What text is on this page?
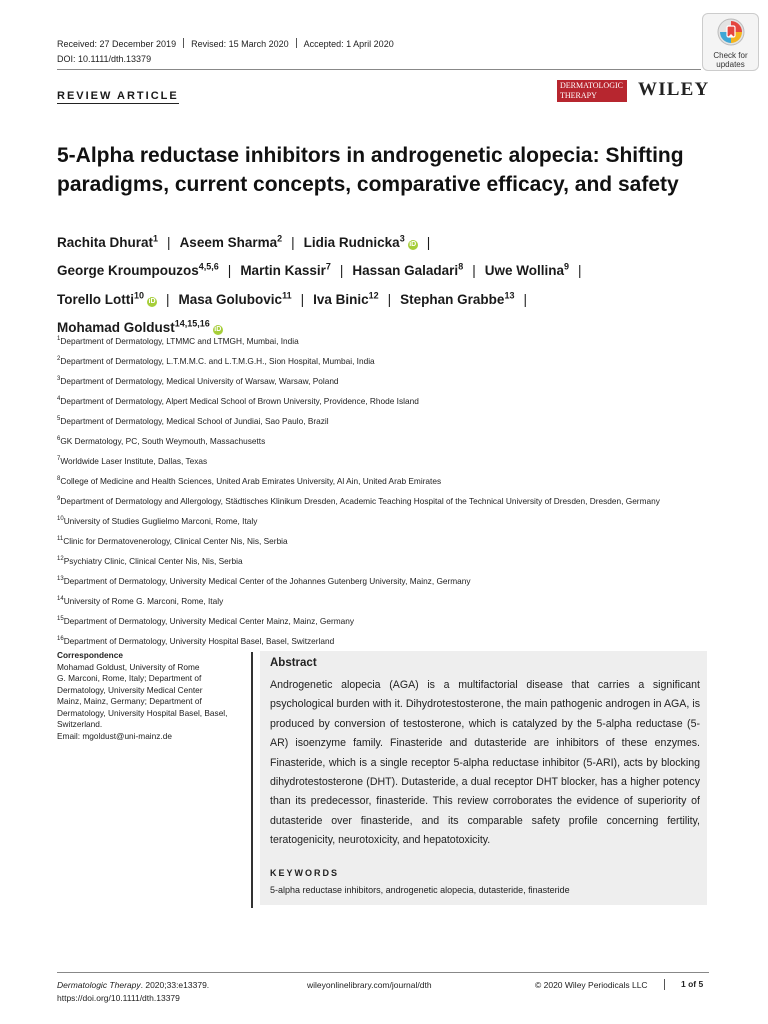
Received: 27 December 2019 Revised: 15 March 2020 Accepted: 1 April 2020
DOI: 10.1111/dth.13379
REVIEW ARTICLE
Check for
updates
DERMATOLOGIC
THERAPY	WILEY
5-Alpha reductase inhibitors in androgenetic alopecia: Shifting paradigms, current concepts, comparative efficacy, and safety
Rachita Dhurat$^1$ | Aseem Sharma$^2$ | Lidia Rudnicka$^3$iD |
George Kroumpouzos$^{4,5,6}$ | Martin Kassir$^7$ | Hassan Galadari$^8$ | Uwe Wollina$^9$ |
Torello Lotti$^{10}$iD | Masa Golubovic$^{11}$ | Iva Binic$^{12}$ | Stephan Grabbe$^{13}$ |
Mohamad Goldust$^{14,15,16}$iD
$^1$Department of Dermatology, LTMMC and LTMGH, Mumbai, India
$^2$Department of Dermatology, L.T.M.M.C. and L.T.M.G.H., Sion Hospital, Mumbai, India
$^3$Department of Dermatology, Medical University of Warsaw, Warsaw, Poland
$^4$Department of Dermatology, Alpert Medical School of Brown University, Providence, Rhode Island
$^5$Department of Dermatology, Medical School of Jundiai, Sao Paulo, Brazil
$^6$GK Dermatology, PC, South Weymouth, Massachusetts
$^7$Worldwide Laser Institute, Dallas, Texas
$^8$College of Medicine and Health Sciences, United Arab Emirates University, Al Ain, United Arab Emirates
$^9$Department of Dermatology and Allergology, Städtisches Klinikum Dresden, Academic Teaching Hospital of the Technical University of Dresden, Dresden, Germany
$^{10}$University of Studies Guglielmo Marconi, Rome, Italy
$^{11}$Clinic for Dermatovenerology, Clinical Center Nis, Nis, Serbia
$^{12}$Psychiatry Clinic, Clinical Center Nis, Nis, Serbia
$^{13}$Department of Dermatology, University Medical Center of the Johannes Gutenberg University, Mainz, Germany
$^{14}$University of Rome G. Marconi, Rome, Italy
$^{15}$Department of Dermatology, University Medical Center Mainz, Mainz, Germany
$^{16}$Department of Dermatology, University Hospital Basel, Basel, Switzerland
Correspondence
Mohamad Goldust, University of Rome
G. Marconi, Rome, Italy; Department of
Dermatology, University Medical Center
Mainz, Mainz, Germany; Department of
Dermatology, University Hospital Basel, Basel,
Switzerland.
Email: mgoldust@uni-mainz.de
Abstract
Androgenetic alopecia (AGA) is a multifactorial disease that carries a significant psychological burden with it. Dihydrotestosterone, the main pathogenic androgen in AGA, is produced by conversion of testosterone, which is catalyzed by the 5-alpha reductase (5-AR) isoenzyme family. Finasteride and dutasteride are inhibitors of these enzymes. Finasteride, which is a single receptor 5-alpha reductase inhibitor (5-ARI), acts by blocking dihydrotestosterone (DHT). Dutasteride, a dual receptor DHT blocker, has a higher potency than its predecessor, finasteride. This review corroborates the evidence of superiority of dutasteride over finasteride, and its comparable safety profile concerning fertility, teratogenicity, neurotoxicity, and hepatotoxicity.
KEYWORDS
5-alpha reductase inhibitors, androgenetic alopecia, dutasteride, finasteride
Dermatologic Therapy. 2020;33:e13379.
https://doi.org/10.1111/dth.13379
wileyonlinelibrary.com/journal/dth	© 2020 Wiley Periodicals LLC	1 of 5
